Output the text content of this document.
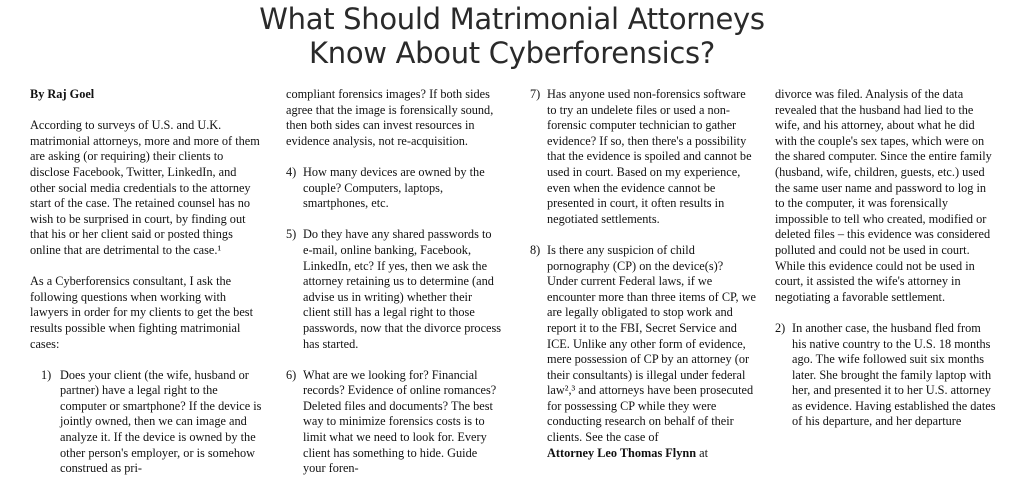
What Should Matrimonial Attorneys
Know About Cyberforensics?

By Raj Goel

According to surveys of U.S. and U.K. matrimonial attorneys, more and more of them are asking (or requiring) their clients to disclose Facebook, Twitter, LinkedIn, and other social media credentials to the attorney start of the case. The retained counsel has no wish to be surprised in court, by finding out that his or her client said or posted things online that are detrimental to the case.¹

As a Cyberforensics consultant, I ask the following questions when working with lawyers in order for my clients to get the best results possible when fighting matrimonial cases:

1) Does your client (the wife, husband or partner) have a legal right to the computer or smartphone? If the device is jointly owned, then we can image and analyze it. If the device is owned by the other person's employer, or is somehow construed as pri-

compliant forensics images? If both sides agree that the image is forensically sound, then both sides can invest resources in evidence analysis, not re-acquisition.

4) How many devices are owned by the couple? Computers, laptops, smartphones, etc.
5) Do they have any shared passwords to e-mail, online banking, Facebook, LinkedIn, etc? If yes, then we ask the attorney retaining us to determine (and advise us in writing) whether their client still has a legal right to those passwords, now that the divorce process has started.
6) What are we looking for? Financial records? Evidence of online romances? Deleted files and documents? The best way to minimize forensics costs is to limit what we need to look for. Every client has something to hide. Guide your foren-
7) Has anyone used non-forensics software to try an undelete files or used a non-forensic computer technician to gather evidence? If so, then there's a possibility that the evidence is spoiled and cannot be used in court. Based on my experience, even when the evidence cannot be presented in court, it often results in negotiated settlements.
8) Is there any suspicion of child pornography (CP) on the device(s)? Under current Federal laws, if we encounter more than three items of CP, we are legally obligated to stop work and report it to the FBI, Secret Service and ICE. Unlike any other form of evidence, mere possession of CP by an attorney (or their consultants) is illegal under federal law²,³ and attorneys have been prosecuted for possessing CP while they were conducting research on behalf of their clients. See the case of
Attorney Leo Thomas Flynn at

divorce was filed. Analysis of the data revealed that the husband had lied to the wife, and his attorney, about what he did with the couple's sex tapes, which were on the shared computer. Since the entire family (husband, wife, children, guests, etc.) used the same user name and password to log in to the computer, it was forensically impossible to tell who created, modified or deleted files – this evidence was considered polluted and could not be used in court. While this evidence could not be used in court, it assisted the wife's attorney in negotiating a favorable settlement.

2) In another case, the husband fled from his native country to the U.S. 18 months ago. The wife followed suit six months later. She brought the family laptop with her, and presented it to her U.S. attorney as evidence. Having established the dates of his departure, and her departure
